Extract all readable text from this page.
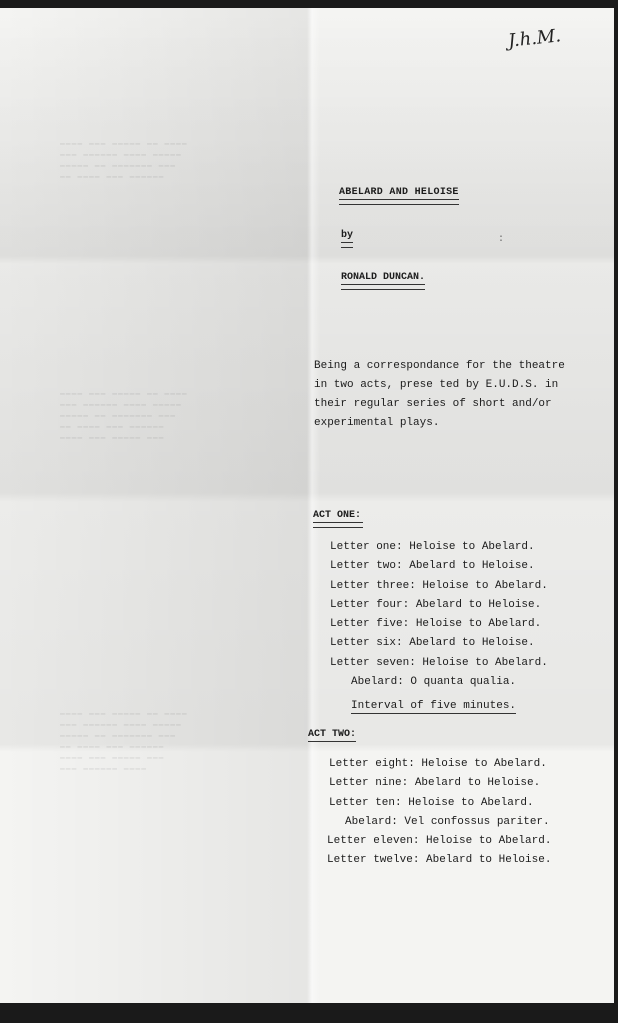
▬▬▬▬ ▬▬▬ ▬▬▬▬▬ ▬▬ ▬▬▬▬
▬▬▬ ▬▬▬▬▬▬ ▬▬▬▬ ▬▬▬▬▬
▬▬▬▬▬ ▬▬ ▬▬▬▬▬▬▬ ▬▬▬
▬▬ ▬▬▬▬ ▬▬▬ ▬▬▬▬▬▬
▬▬▬▬ ▬▬▬ ▬▬▬▬▬ ▬▬ ▬▬▬▬
▬▬▬ ▬▬▬▬▬▬ ▬▬▬▬ ▬▬▬▬▬
▬▬▬▬▬ ▬▬ ▬▬▬▬▬▬▬ ▬▬▬
▬▬ ▬▬▬▬ ▬▬▬ ▬▬▬▬▬▬
▬▬▬▬ ▬▬▬ ▬▬▬▬▬ ▬▬▬
▬▬▬▬ ▬▬▬ ▬▬▬▬▬ ▬▬ ▬▬▬▬
▬▬▬ ▬▬▬▬▬▬ ▬▬▬▬ ▬▬▬▬▬
▬▬▬▬▬ ▬▬ ▬▬▬▬▬▬▬ ▬▬▬
▬▬ ▬▬▬▬ ▬▬▬ ▬▬▬▬▬▬
▬▬▬▬ ▬▬▬ ▬▬▬▬▬ ▬▬▬
▬▬▬ ▬▬▬▬▬▬ ▬▬▬▬
J.h.M.
ABELARD AND HELOISE
by
RONALD DUNCAN.
:
Being a correspondance for the theatre
in two acts, prese ted by E.U.D.S. in
their regular series of short and/or
experimental plays.
ACT ONE:
Letter one: Heloise to Abelard.
Letter two: Abelard to Heloise.
Letter three: Heloise to Abelard.
Letter four: Abelard to Heloise.
Letter five: Heloise to Abelard.
Letter six: Abelard to Heloise.
Letter seven: Heloise to Abelard.
Abelard: O quanta qualia.
Interval of five minutes.
ACT TWO:
Letter eight: Heloise to Abelard.
Letter nine: Abelard to Heloise.
Letter ten: Heloise to Abelard.
Abelard: Vel confossus pariter.
Letter eleven: Heloise to Abelard.
Letter twelve: Abelard to Heloise.
